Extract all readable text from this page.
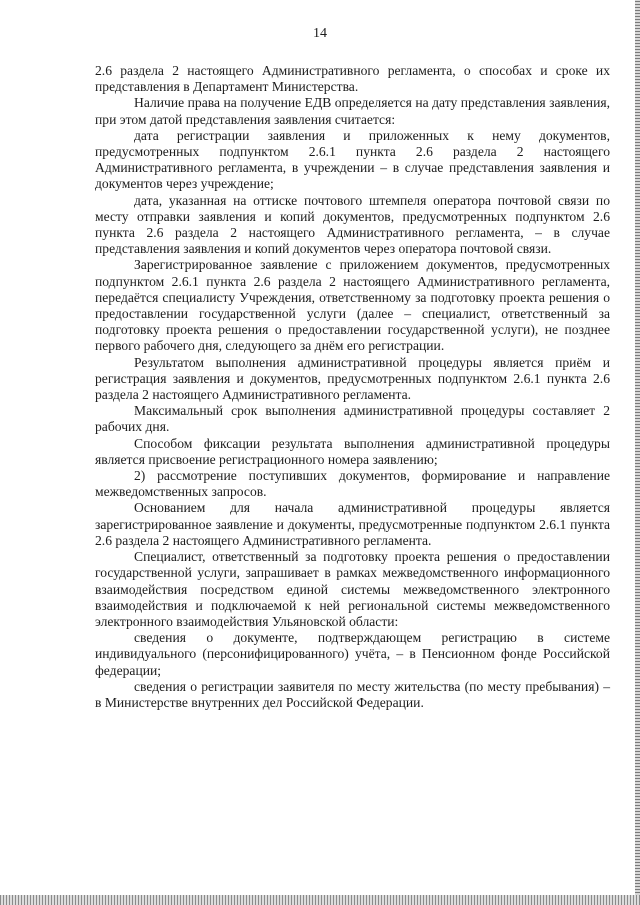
14

2.6 раздела 2 настоящего Административного регламента, о способах и сроке их представления в Департамент Министерства.

Наличие права на получение ЕДВ определяется на дату представления заявления, при этом датой представления заявления считается:

дата регистрации заявления и приложенных к нему документов, предусмотренных подпунктом 2.6.1 пункта 2.6 раздела 2 настоящего Административного регламента, в учреждении – в случае представления заявления и документов через учреждение;

дата, указанная на оттиске почтового штемпеля оператора почтовой связи по месту отправки заявления и копий документов, предусмотренных подпунктом 2.6 пункта 2.6 раздела 2 настоящего Административного регламента, – в случае представления заявления и копий документов через оператора почтовой связи.

Зарегистрированное заявление с приложением документов, предусмотренных подпунктом 2.6.1 пункта 2.6 раздела 2 настоящего Административного регламента, передаётся специалисту Учреждения, ответственному за подготовку проекта решения о предоставлении государственной услуги (далее – специалист, ответственный за подготовку проекта решения о предоставлении государственной услуги), не позднее первого рабочего дня, следующего за днём его регистрации.

Результатом выполнения административной процедуры является приём и регистрация заявления и документов, предусмотренных подпунктом 2.6.1 пункта 2.6 раздела 2 настоящего Административного регламента.

Максимальный срок выполнения административной процедуры составляет 2 рабочих дня.

Способом фиксации результата выполнения административной процедуры является присвоение регистрационного номера заявлению;

2) рассмотрение поступивших документов, формирование и направление межведомственных запросов.

Основанием для начала административной процедуры является зарегистрированное заявление и документы, предусмотренные подпунктом 2.6.1 пункта 2.6 раздела 2 настоящего Административного регламента.

Специалист, ответственный за подготовку проекта решения о предоставлении государственной услуги, запрашивает в рамках межведомственного информационного взаимодействия посредством единой системы межведомственного электронного взаимодействия и подключаемой к ней региональной системы межведомственного электронного взаимодействия Ульяновской области:

сведения о документе, подтверждающем регистрацию в системе индивидуального (персонифицированного) учёта, – в Пенсионном фонде Российской федерации;

сведения о регистрации заявителя по месту жительства (по месту пребывания) – в Министерстве внутренних дел Российской Федерации.
